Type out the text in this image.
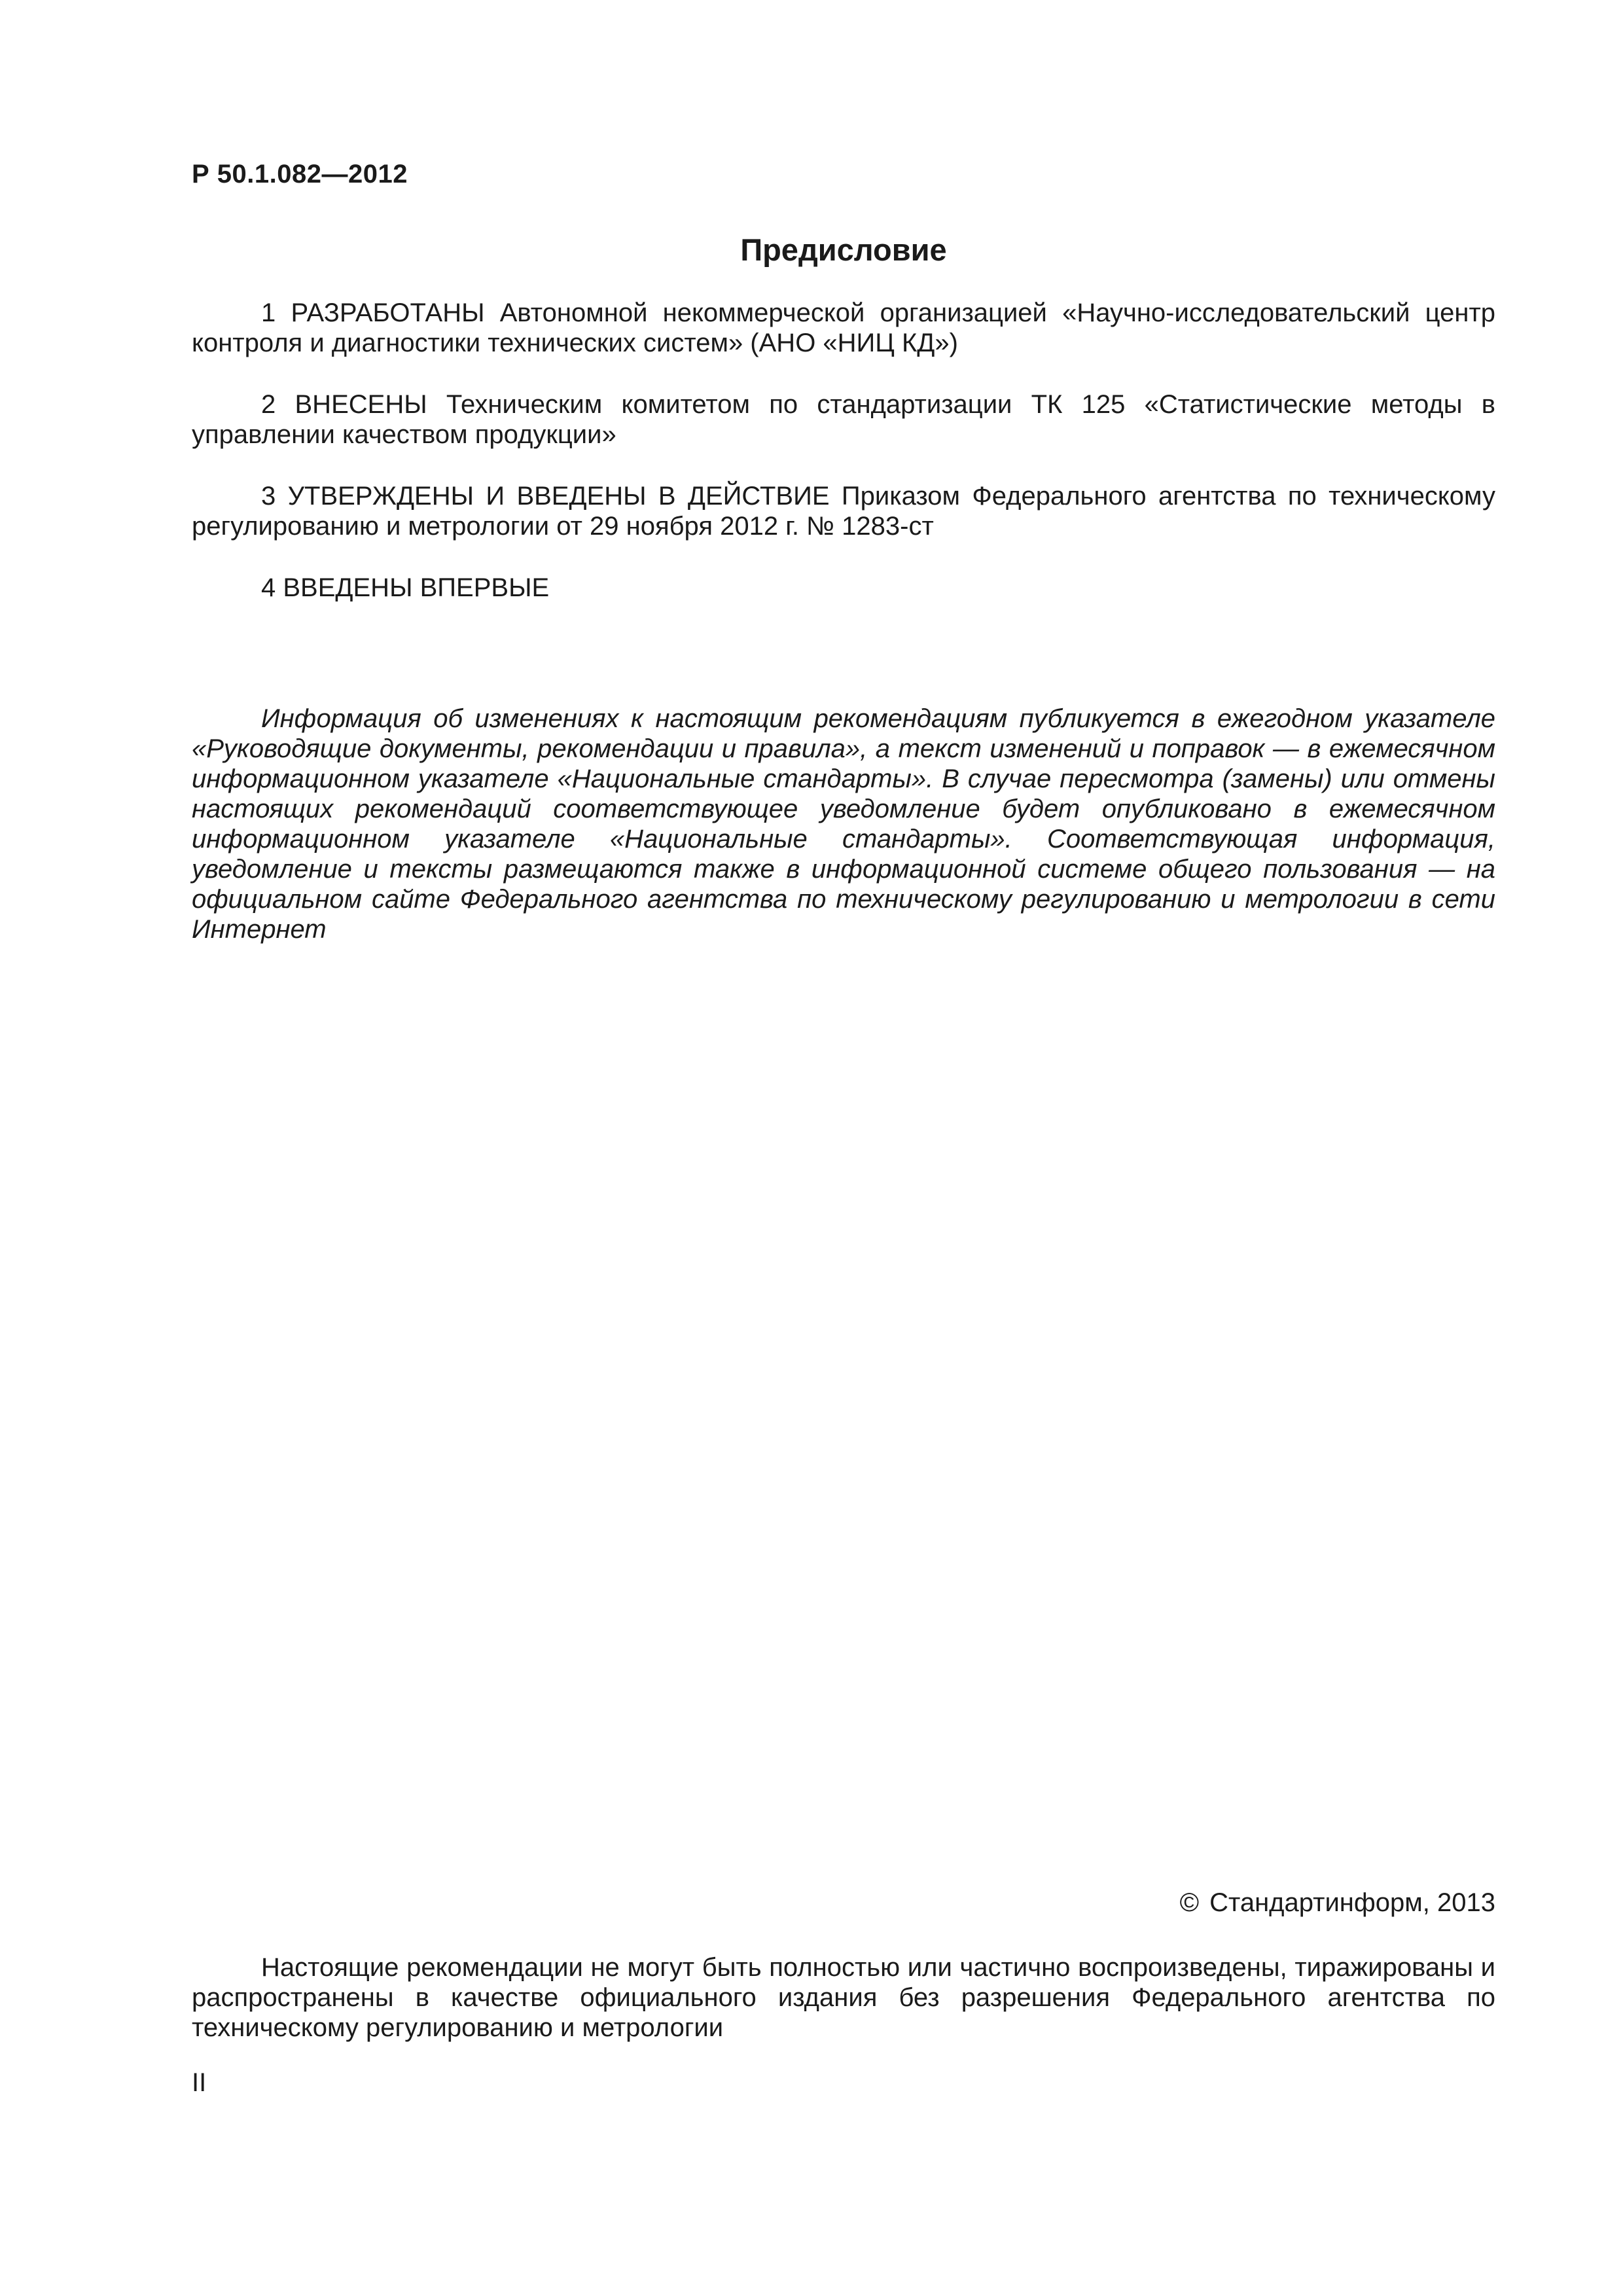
Р 50.1.082—2012
Предисловие

1 РАЗРАБОТАНЫ Автономной некоммерческой организацией «Научно-исследовательский центр контроля и диагностики технических систем» (АНО «НИЦ КД»)

2 ВНЕСЕНЫ Техническим комитетом по стандартизации ТК 125 «Статистические методы в управлении качеством продукции»

3 УТВЕРЖДЕНЫ И ВВЕДЕНЫ В ДЕЙСТВИЕ Приказом Федерального агентства по техническому регулированию и метрологии от 29 ноября 2012 г. № 1283-ст

4 ВВЕДЕНЫ ВПЕРВЫЕ

Информация об изменениях к настоящим рекомендациям публикуется в ежегодном указателе «Руководящие документы, рекомендации и правила», а текст изменений и поправок — в ежемесячном информационном указателе «Национальные стандарты». В случае пересмотра (замены) или отмены настоящих рекомендаций соответствующее уведомление будет опубликовано в ежемесячном информационном указателе «Национальные стандарты». Соответствующая информация, уведомление и тексты размещаются также в информационной системе общего пользования — на официальном сайте Федерального агентства по техническому регулированию и метрологии в сети Интернет
© Стандартинформ, 2013
Настоящие рекомендации не могут быть полностью или частично воспроизведены, тиражированы и распространены в качестве официального издания без разрешения Федерального агентства по техническому регулированию и метрологии
II
